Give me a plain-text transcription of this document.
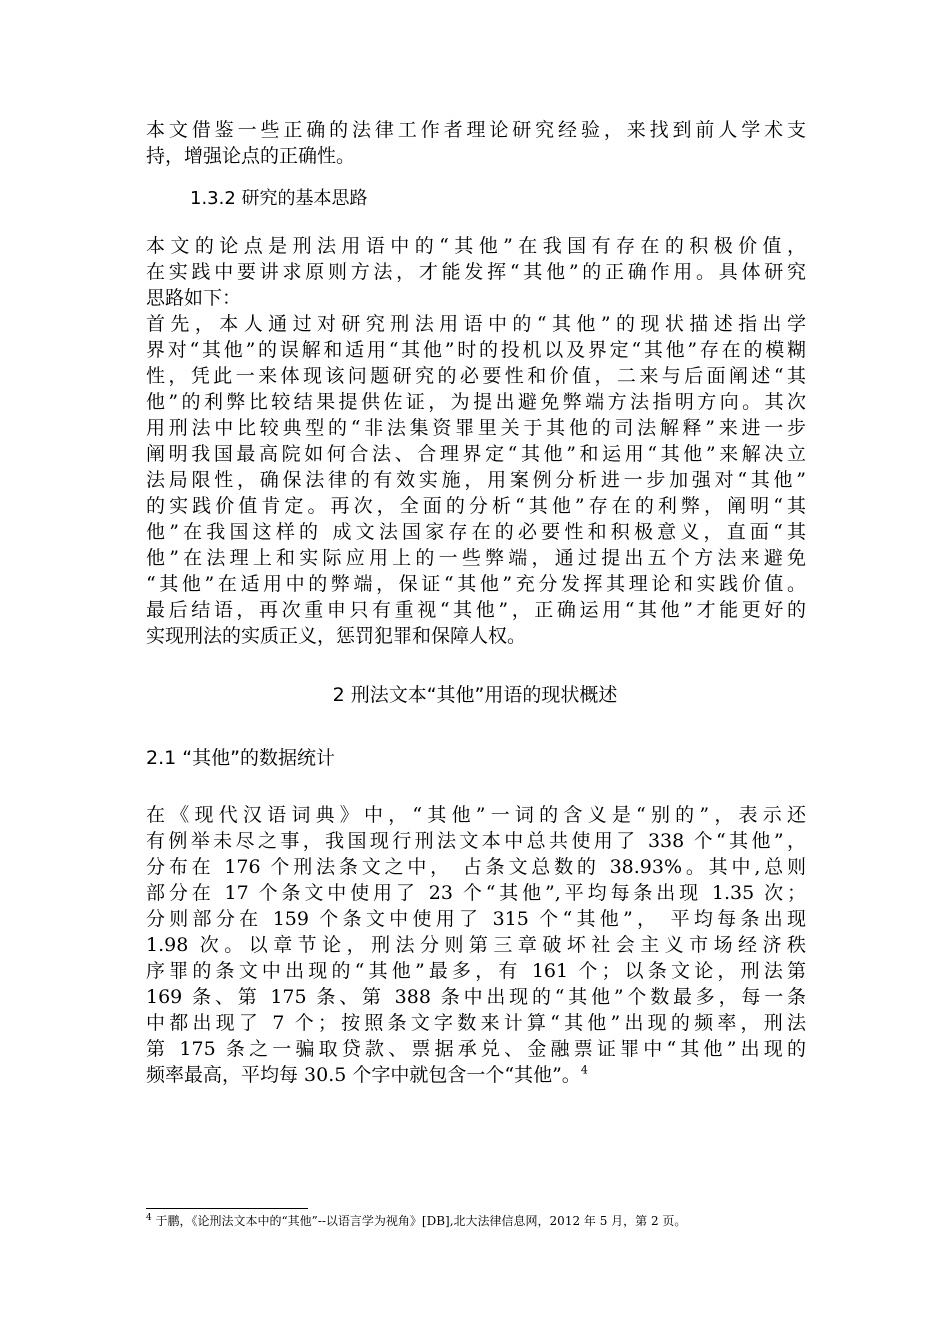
本文借鉴一些正确的法律工作者理论研究经验，来找到前人学术支
持，增强论点的正确性。
1.3.2 研究的基本思路
本文的论点是刑法用语中的“其他”在我国有存在的积极价值，
在实践中要讲求原则方法，才能发挥“其他”的正确作用。具体研究
思路如下：
首先，本人通过对研究刑法用语中的“其他”的现状描述指出学
界对“其他”的误解和适用“其他”时的投机以及界定“其他”存在的模糊
性，凭此一来体现该问题研究的必要性和价值，二来与后面阐述“其
他”的利弊比较结果提供佐证，为提出避免弊端方法指明方向。其次
用刑法中比较典型的“非法集资罪里关于其他的司法解释”来进一步
阐明我国最高院如何合法、合理界定“其他”和运用“其他”来解决立
法局限性，确保法律的有效实施，用案例分析进一步加强对“其他”
的实践价值肯定。再次，全面的分析“其他”存在的利弊，阐明“其
他”在我国这样的 成文法国家存在的必要性和积极意义，直面“其
他”在法理上和实际应用上的一些弊端，通过提出五个方法来避免
“其他”在适用中的弊端，保证“其他”充分发挥其理论和实践价值。
最后结语，再次重申只有重视“其他”，正确运用“其他”才能更好的
实现刑法的实质正义，惩罚犯罪和保障人权。
2 刑法文本“其他”用语的现状概述
2.1 “其他”的数据统计
在《现代汉语词典》中，“其他”一词的含义是“别的”，表示还
有例举未尽之事，我国现行刑法文本中总共使用了 338 个“其他”，
分布在 176 个刑法条文之中， 占条文总数的 38.93%。其中,总则
部分在 17 个条文中使用了 23 个“其他”,平均每条出现 1.35 次；
分则部分在 159 个条文中使用了 315 个“其他”， 平均每条出现
1.98 次。以章节论，刑法分则第三章破坏社会主义市场经济秩
序罪的条文中出现的“其他”最多，有 161 个；以条文论，刑法第
169 条、第 175 条、第 388 条中出现的“其他”个数最多，每一条
中都出现了 7 个；按照条文字数来计算“其他”出现的频率，刑法
第 175 条之一骗取贷款、票据承兑、金融票证罪中“其他”出现的
频率最高，平均每 30.5 个字中就包含一个“其他”。$^4$
$^4$ 于鹏，《论刑法文本中的“其他”--以语言学为视角》[DB],北大法律信息网，2012 年 5 月，第 2 页。
